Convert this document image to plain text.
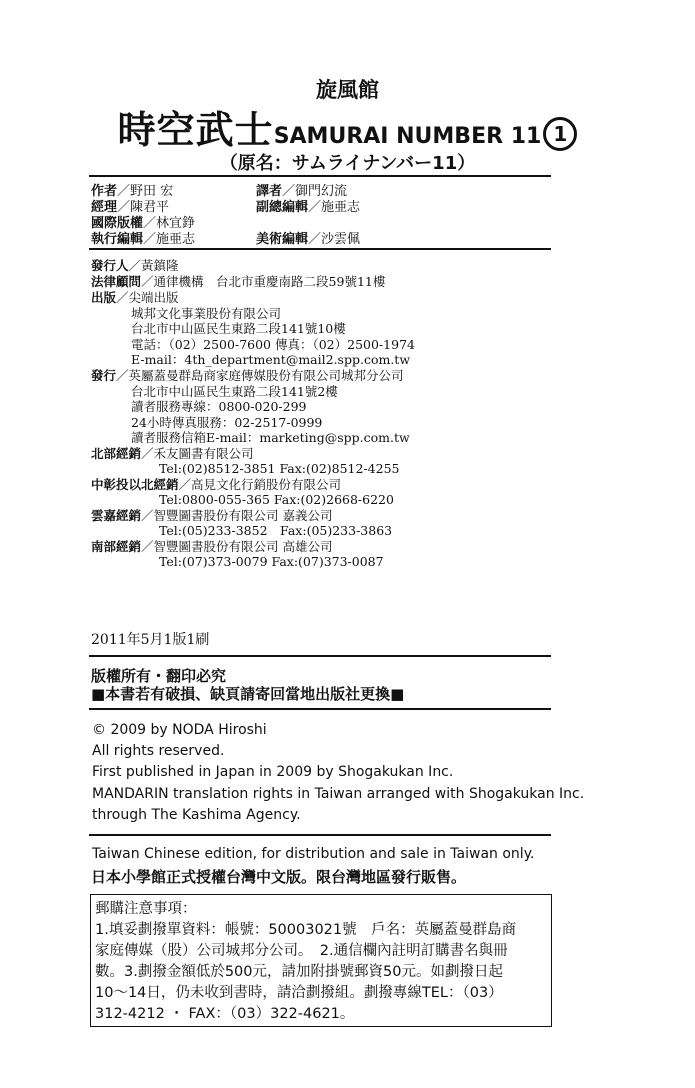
旋風館
時空武士SAMURAI NUMBER 11 1
（原名：サムライナンバー11）
作者／野田 宏	譯者／御門幻流
經理／陳君平	副總編輯／施亜志
國際版權／林宜錚
執行編輯／施亜志	美術編輯／沙雲佩
發行人／黃鎮隆
法律顧問／通律機構　台北市重慶南路二段59號11樓
出版／尖端出版
城邦文化事業股份有限公司
台北市中山區民生東路二段141號10樓
電話：（02）2500-7600 傳真：（02）2500-1974
E-mail：4th_department@mail2.spp.com.tw
發行／英屬蓋曼群島商家庭傳媒股份有限公司城邦分公司
台北市中山區民生東路二段141號2樓
讀者服務專線：0800-020-299
24小時傳真服務：02-2517-0999
讀者服務信箱E-mail：marketing@spp.com.tw
北部經銷／禾友圖書有限公司
Tel:(02)8512-3851 Fax:(02)8512-4255
中彰投以北經銷／高見文化行銷股份有限公司
Tel:0800-055-365 Fax:(02)2668-6220
雲嘉經銷／智豐圖書股份有限公司 嘉義公司
Tel:(05)233-3852　Fax:(05)233-3863
南部經銷／智豐圖書股份有限公司 高雄公司
Tel:(07)373-0079 Fax:(07)373-0087
2011年5月1版1刷
版權所有・翻印必究
■本書若有破損、缺頁請寄回當地出版社更換■
© 2009 by NODA Hiroshi
All rights reserved.
First published in Japan in 2009 by Shogakukan Inc.
MANDARIN translation rights in Taiwan arranged with Shogakukan Inc.
through The Kashima Agency.
Taiwan Chinese edition, for distribution and sale in Taiwan only.
日本小學館正式授權台灣中文版。限台灣地區發行販售。
郵購注意事項：
1.填妥劃撥單資料：帳號：50003021號　戶名：英屬蓋曼群島商
家庭傳媒（股）公司城邦分公司。　2.通信欄內註明訂購書名與冊
數。3.劃撥金額低於500元，請加附掛號郵資50元。如劃撥日起
10〜14日，仍未收到書時，請洽劃撥組。劃撥專線TEL：（03）
312-4212 ・ FAX：（03）322-4621。
